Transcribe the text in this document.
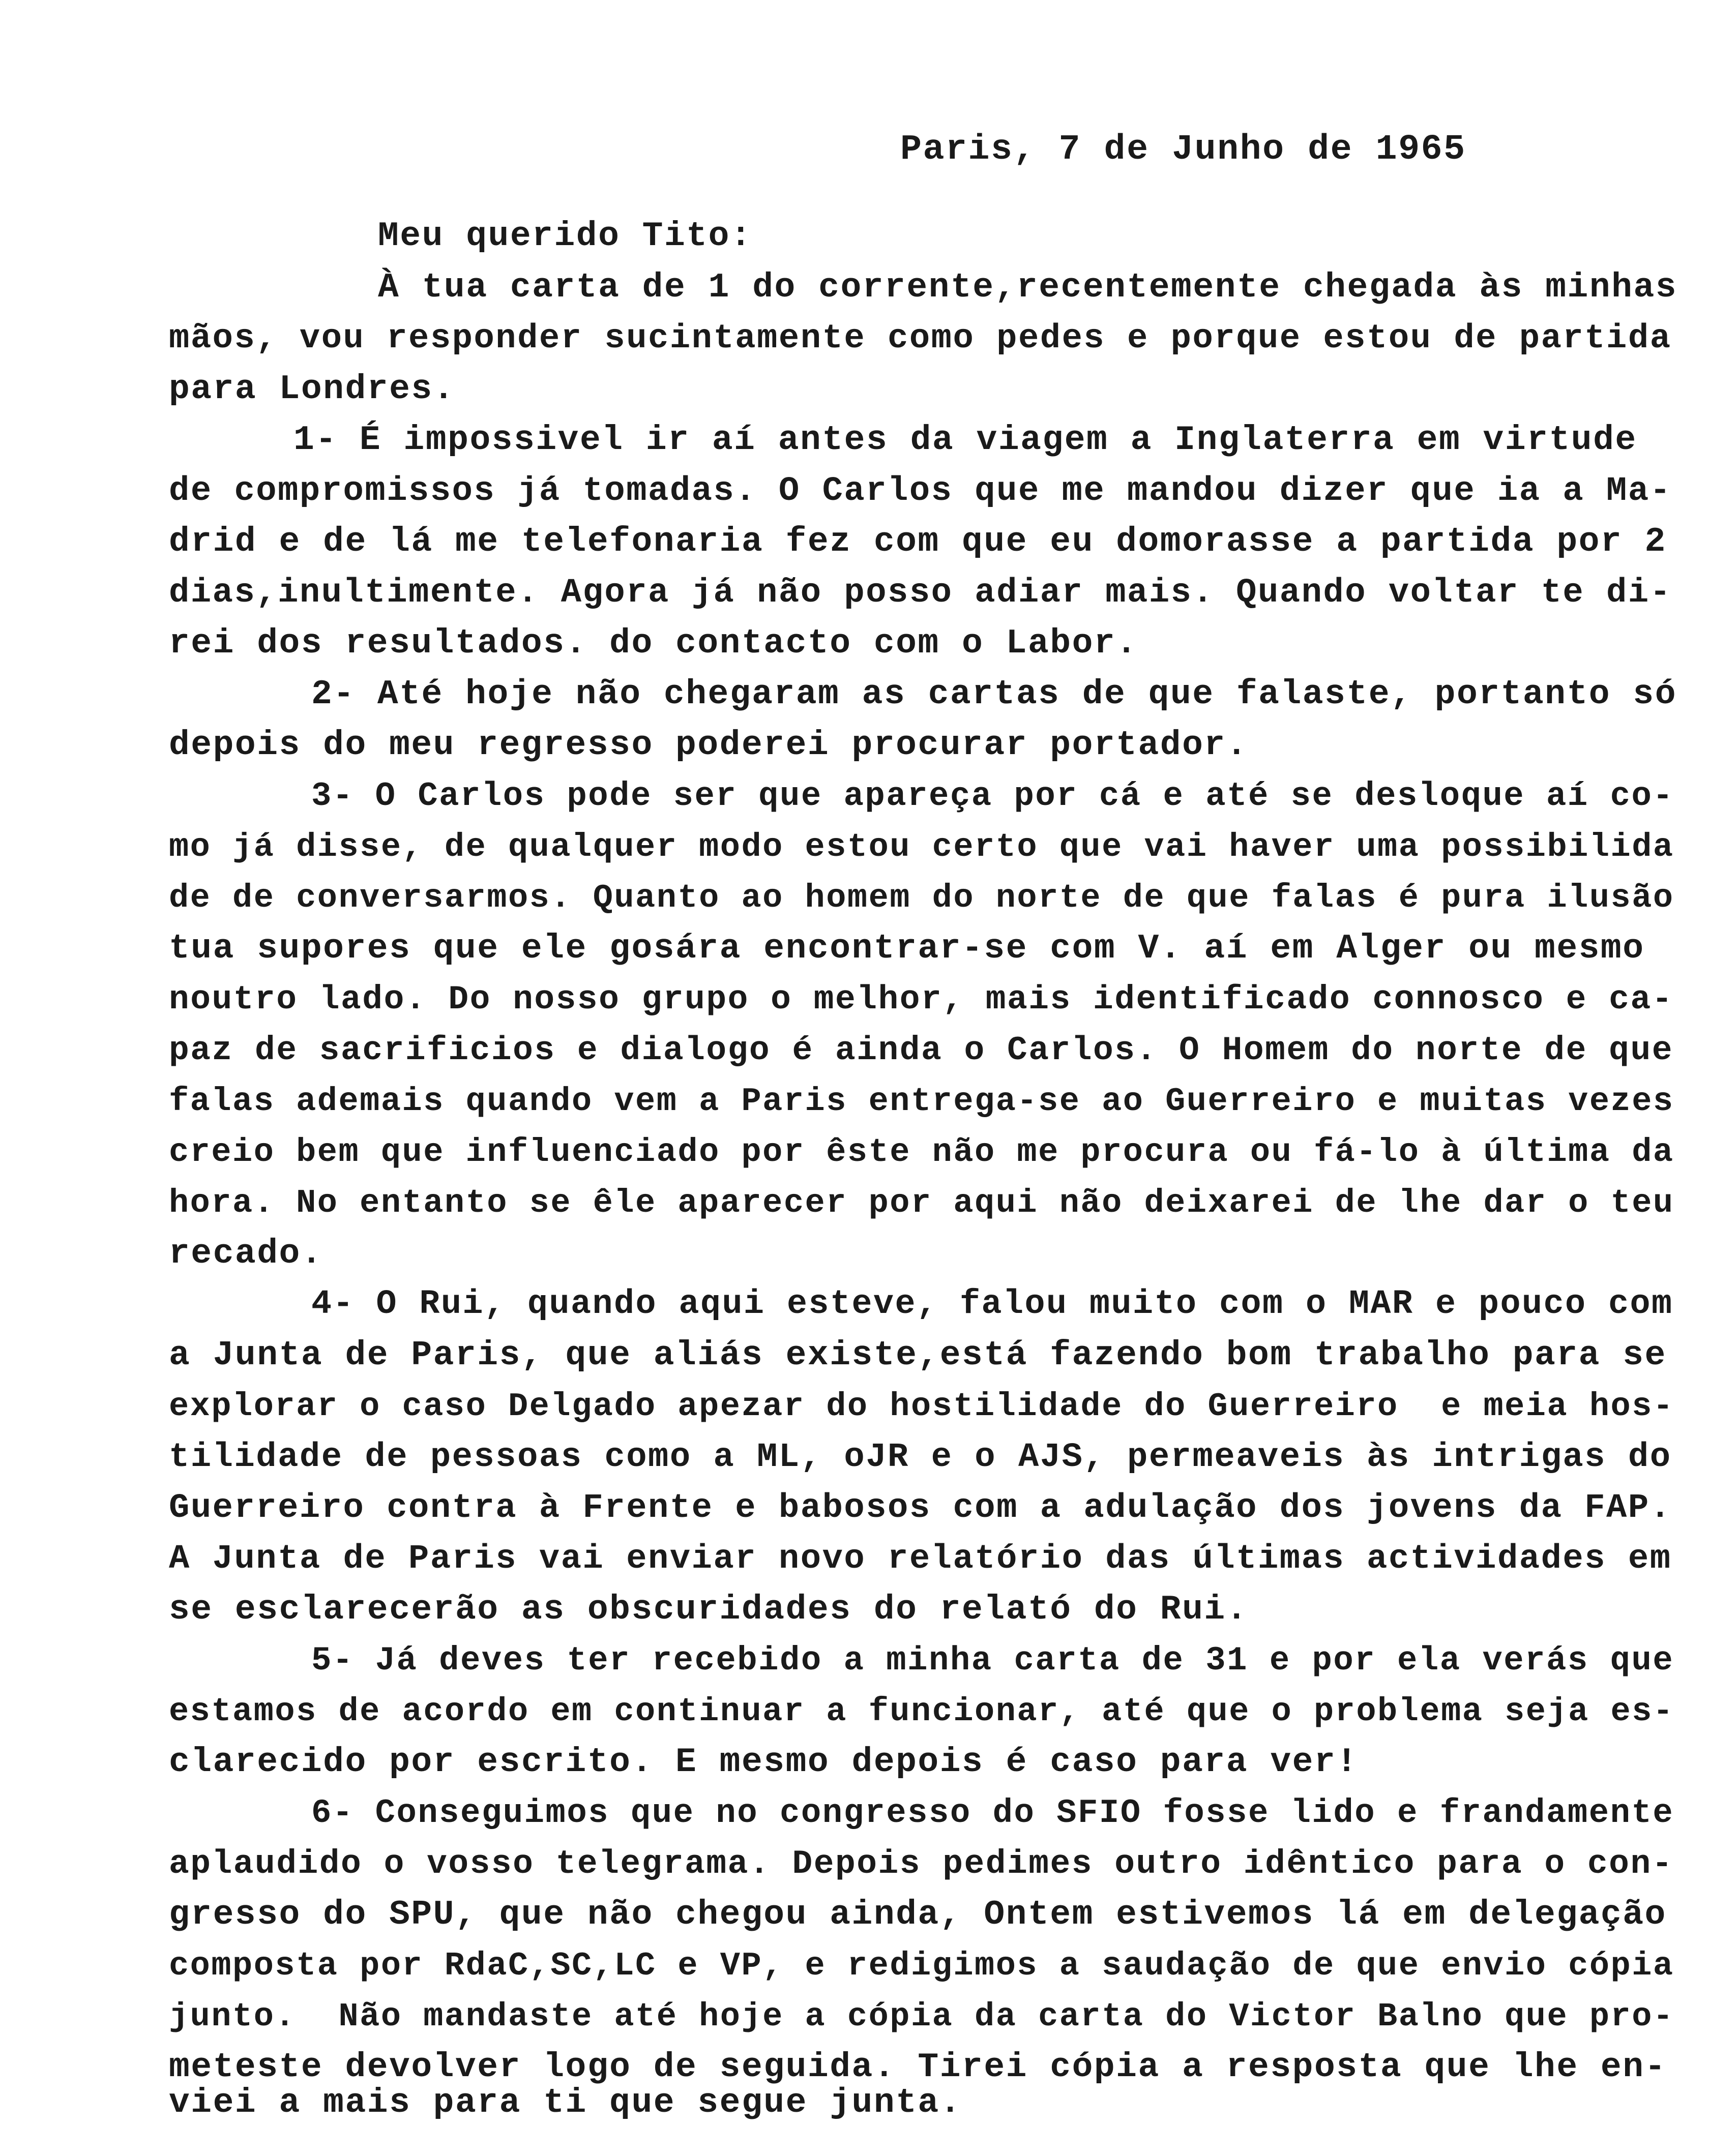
Paris, 7 de Junho de 1965
Meu querido Tito:
À tua carta de 1 do corrente,recentemente chegada às minhas
mãos, vou responder sucintamente como pedes e porque estou de partida
para Londres.
1- É impossivel ir aí antes da viagem a Inglaterra em virtude
de compromissos já tomadas. O Carlos que me mandou dizer que ia a Ma-
drid e de lá me telefonaria fez com que eu domorasse a partida por 2
dias,inultimente. Agora já não posso adiar mais. Quando voltar te di-
rei dos resultados. do contacto com o Labor.
2- Até hoje não chegaram as cartas de que falaste, portanto só
depois do meu regresso poderei procurar portador.
3- O Carlos pode ser que apareça por cá e até se desloque aí co-
mo já disse, de qualquer modo estou certo que vai haver uma possibilida
de de conversarmos. Quanto ao homem do norte de que falas é pura ilusão
tua supores que ele gosára encontrar-se com V. aí em Alger ou mesmo
noutro lado. Do nosso grupo o melhor, mais identificado connosco e ca-
paz de sacrificios e dialogo é ainda o Carlos. O Homem do norte de que
falas ademais quando vem a Paris entrega-se ao Guerreiro e muitas vezes
creio bem que influenciado por êste não me procura ou fá-lo à última da
hora. No entanto se êle aparecer por aqui não deixarei de lhe dar o teu
recado.
4- O Rui, quando aqui esteve, falou muito com o MAR e pouco com
a Junta de Paris, que aliás existe,está fazendo bom trabalho para se
explorar o caso Delgado apezar do hostilidade do Guerreiro  e meia hos-
tilidade de pessoas como a ML, oJR e o AJS, permeaveis às intrigas do
Guerreiro contra à Frente e babosos com a adulação dos jovens da FAP.
A Junta de Paris vai enviar novo relatório das últimas actividades em
se esclarecerão as obscuridades do relató do Rui.
5- Já deves ter recebido a minha carta de 31 e por ela verás que
estamos de acordo em continuar a funcionar, até que o problema seja es-
clarecido por escrito. E mesmo depois é caso para ver!
6- Conseguimos que no congresso do SFIO fosse lido e frandamente
aplaudido o vosso telegrama. Depois pedimes outro idêntico para o con-
gresso do SPU, que não chegou ainda, Ontem estivemos lá em delegação
composta por RdaC,SC,LC e VP, e redigimos a saudação de que envio cópia
junto.  Não mandaste até hoje a cópia da carta do Victor Balno que pro-
meteste devolver logo de seguida. Tirei cópia a resposta que lhe en-
viei a mais para ti que segue junta.
